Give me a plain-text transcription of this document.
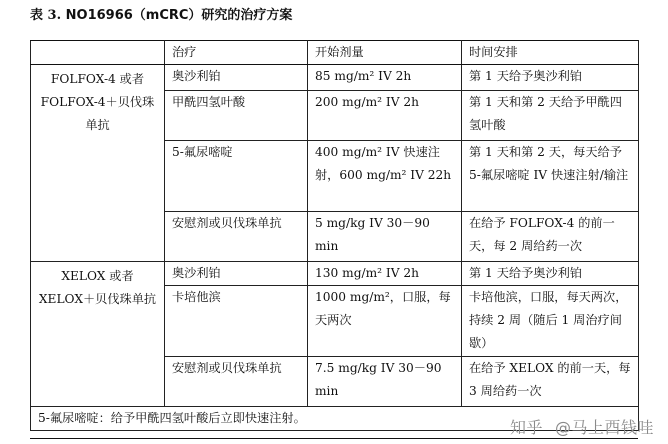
表 3. NO16966（mCRC）研究的治疗方案
	治疗	开始剂量	时间安排
FOLFOX-4 或者 FOLFOX-4＋贝伐珠单抗	奥沙利铂	85 mg/m² IV 2h	第 1 天给予奥沙利铂
	甲酰四氢叶酸	200 mg/m² IV 2h	第 1 天和第 2 天给予甲酰四氢叶酸
	5-氟尿嘧啶	400 mg/m² IV 快速注射，600 mg/m² IV 22h	第 1 天和第 2 天，每天给予 5-氟尿嘧啶 IV 快速注射/输注
	安慰剂或贝伐珠单抗	5 mg/kg IV 30－90 min	在给予 FOLFOX-4 的前一天，每 2 周给药一次
XELOX 或者 XELOX＋贝伐珠单抗	奥沙利铂	130 mg/m² IV 2h	第 1 天给予奥沙利铂
	卡培他滨	1000 mg/m²，口服，每天两次	卡培他滨，口服，每天两次，持续 2 周（随后 1 周治疗间歇）
	安慰剂或贝伐珠单抗	7.5 mg/kg IV 30－90 min	在给予 XELOX 的前一天，每 3 周给药一次
5-氟尿嘧啶：给予甲酰四氢叶酸后立即快速注射。				知乎 @马上酉钱哇
